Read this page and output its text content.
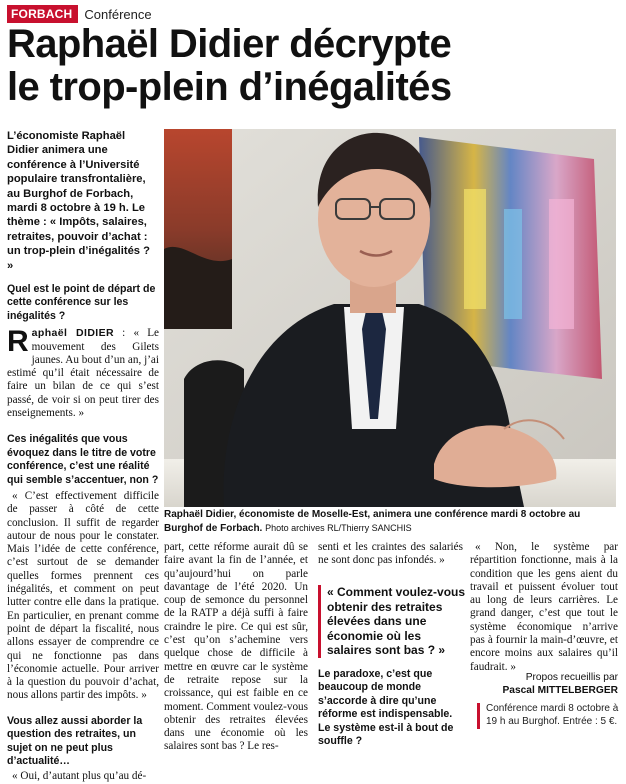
FORBACH Conférence
Raphaël Didier décrypte
le trop-plein d’inégalités
L’économiste Raphaël Didier animera une conférence à l’Université populaire transfrontalière, au Burghof de Forbach, mardi 8 octobre à 19 h. Le thème : « Impôts, salaires, retraites, pouvoir d’achat : un trop-plein d’inégalités ? »
Quel est le point de départ de cette conférence sur les inégalités ?
Raphaël DIDIER : « Le mouvement des Gilets jaunes. Au bout d’un an, j’ai estimé qu’il était nécessaire de faire un bilan de ce qui s’est passé, de voir si on peut tirer des enseignements. »
Ces inégalités que vous évoquez dans le titre de votre conférence, c’est une réalité qui semble s’accentuer, non ?
« C’est effectivement difficile de passer à côté de cette conclusion. Il suffit de regarder autour de nous pour le constater. Mais l’idée de cette conférence, c’est surtout de se demander quelles formes prennent ces inégalités, et comment on peut lutter contre elle dans la pratique. En particulier, en prenant comme point de départ la fiscalité, nous allons essayer de comprendre ce qui ne fonctionne pas dans l’économie actuelle. Pour arriver à la question du pouvoir d’achat, nous allons partir des impôts. »
Vous allez aussi aborder la question des retraites, un sujet on ne peut plus d’actualité…
« Oui, d’autant plus qu’au dé-
Raphaël Didier, économiste de Moselle-Est, animera une conférence mardi 8 octobre au Burghof de Forbach. Photo archives RL/Thierry SANCHIS
part, cette réforme aurait dû se faire avant la fin de l’année, et qu’aujourd’hui on parle davantage de l’été 2020. Un coup de semonce du personnel de la RATP a déjà suffi à faire craindre le pire. Ce qui est sûr, c’est qu’on s’achemine vers quelque chose de difficile à mettre en œuvre car le système de retraite repose sur la croissance, qui est faible en ce moment. Comment voulez-vous obtenir des retraites élevées dans une économie où les salaires sont bas ? Le res-
senti et les craintes des salariés ne sont donc pas infondés. »
« Comment voulez-vous obtenir des retraites élevées dans une économie où les salaires sont bas ? »
Le paradoxe, c’est que beaucoup de monde s’accorde à dire qu’une réforme est indispensable. Le système est-il à bout de souffle ?
« Non, le système par répartition fonctionne, mais à la condition que les gens aient du travail et puissent évoluer tout au long de leurs carrières. Le grand danger, c’est que tout le système économique n’arrive pas à fournir la main-d’œuvre, et encore moins aux salaires qu’il faudrait. »
Propos recueillis par
Pascal MITTELBERGER
Conférence mardi 8 octobre à 19 h au Burghof. Entrée : 5 €.
